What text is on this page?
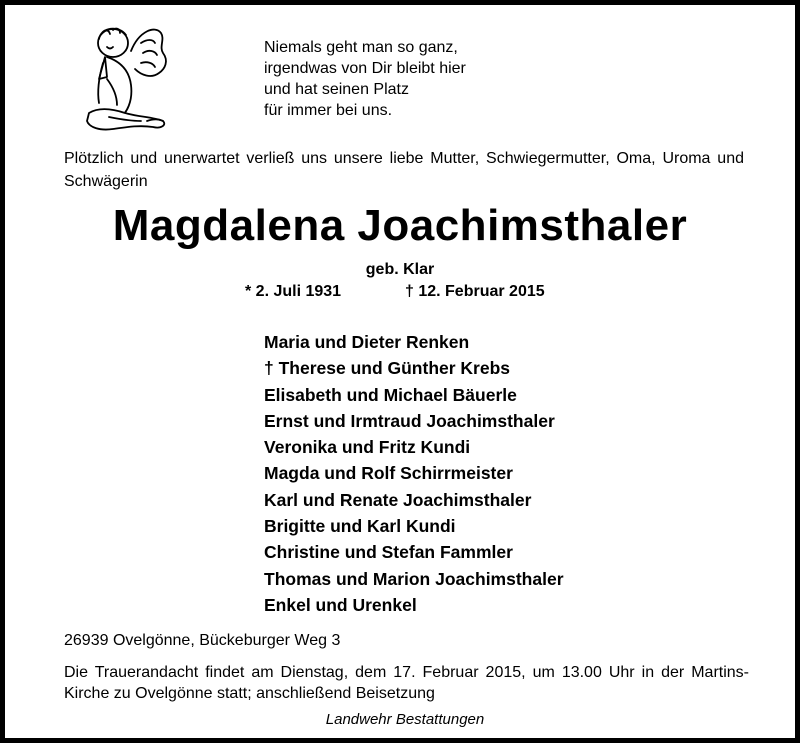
Niemals geht man so ganz,
irgendwas von Dir bleibt hier
und hat seinen Platz
für immer bei uns.
Plötzlich und unerwartet verließ uns unsere liebe Mutter, Schwiegermutter, Oma, Uroma und Schwägerin
Magdalena Joachimsthaler
geb. Klar
* 2. Juli 1931	† 12. Februar 2015
Maria und Dieter Renken
† Therese und Günther Krebs
Elisabeth und Michael Bäuerle
Ernst und Irmtraud Joachimsthaler
Veronika und Fritz Kundi
Magda und Rolf Schirrmeister
Karl und Renate Joachimsthaler
Brigitte und Karl Kundi
Christine und Stefan Fammler
Thomas und Marion Joachimsthaler
Enkel und Urenkel
26939 Ovelgönne, Bückeburger Weg 3
Die Trauerandacht findet am Dienstag, dem 17. Februar 2015, um 13.00 Uhr in der Martins-Kirche zu Ovelgönne statt; anschließend Beisetzung
Landwehr Bestattungen
